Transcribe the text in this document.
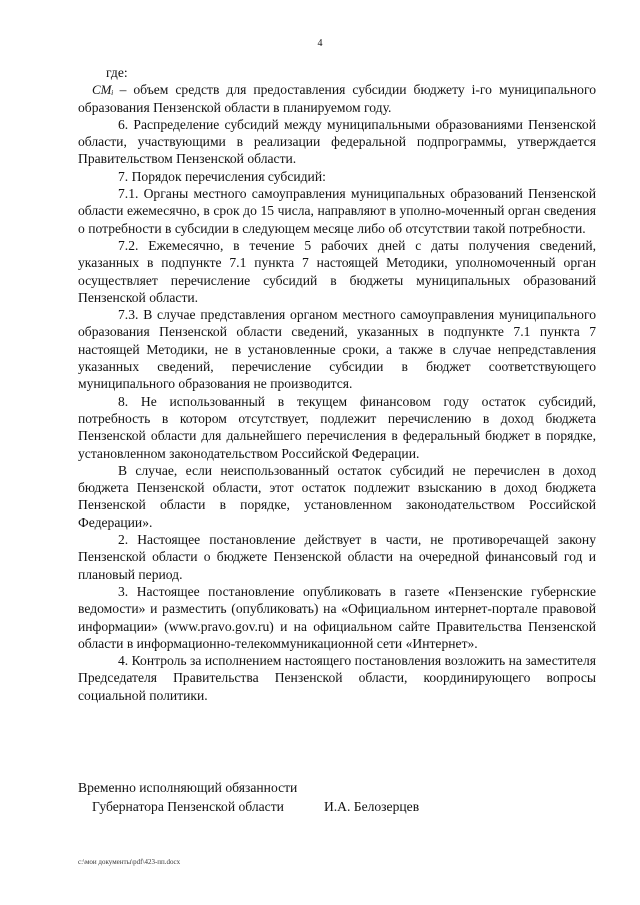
4

где:

CMᵢ – объем средств для предоставления субсидии бюджету i-го муниципального образования Пензенской области в планируемом году.

6. Распределение субсидий между муниципальными образованиями Пензенской области, участвующими в реализации федеральной подпрограммы, утверждается Правительством Пензенской области.

7. Порядок перечисления субсидий:

7.1. Органы местного самоуправления муниципальных образований Пензенской области ежемесячно, в срок до 15 числа, направляют в уполно-моченный орган сведения о потребности в субсидии в следующем месяце либо об отсутствии такой потребности.

7.2. Ежемесячно, в течение 5 рабочих дней с даты получения сведений, указанных в подпункте 7.1 пункта 7 настоящей Методики, уполномоченный орган осуществляет перечисление субсидий в бюджеты муниципальных образований Пензенской области.

7.3. В случае представления органом местного самоуправления муниципального образования Пензенской области сведений, указанных в подпункте 7.1 пункта 7 настоящей Методики, не в установленные сроки, а также в случае непредставления указанных сведений, перечисление субсидии в бюджет соответствующего муниципального образования не производится.

8. Не использованный в текущем финансовом году остаток субсидий, потребность в котором отсутствует, подлежит перечислению в доход бюджета Пензенской области для дальнейшего перечисления в федеральный бюджет в порядке, установленном законодательством Российской Федерации.

В случае, если неиспользованный остаток субсидий не перечислен в доход бюджета Пензенской области, этот остаток подлежит взысканию в доход бюджета Пензенской области в порядке, установленном законодательством Российской Федерации».

2. Настоящее постановление действует в части, не противоречащей закону Пензенской области о бюджете Пензенской области на очередной финансовый год и плановый период.

3. Настоящее постановление опубликовать в газете «Пензенские губернские ведомости» и разместить (опубликовать) на «Официальном интернет-портале правовой информации» (www.pravo.gov.ru) и на официальном сайте Правительства Пензенской области в информационно-телекоммуникационной сети «Интернет».

4. Контроль за исполнением настоящего постановления возложить на заместителя Председателя Правительства Пензенской области, координирующего вопросы социальной политики.

Временно исполняющий обязанности
Губернатора Пензенской области	И.А. Белозерцев
c:\мои документы\pdf\423-пп.docx
